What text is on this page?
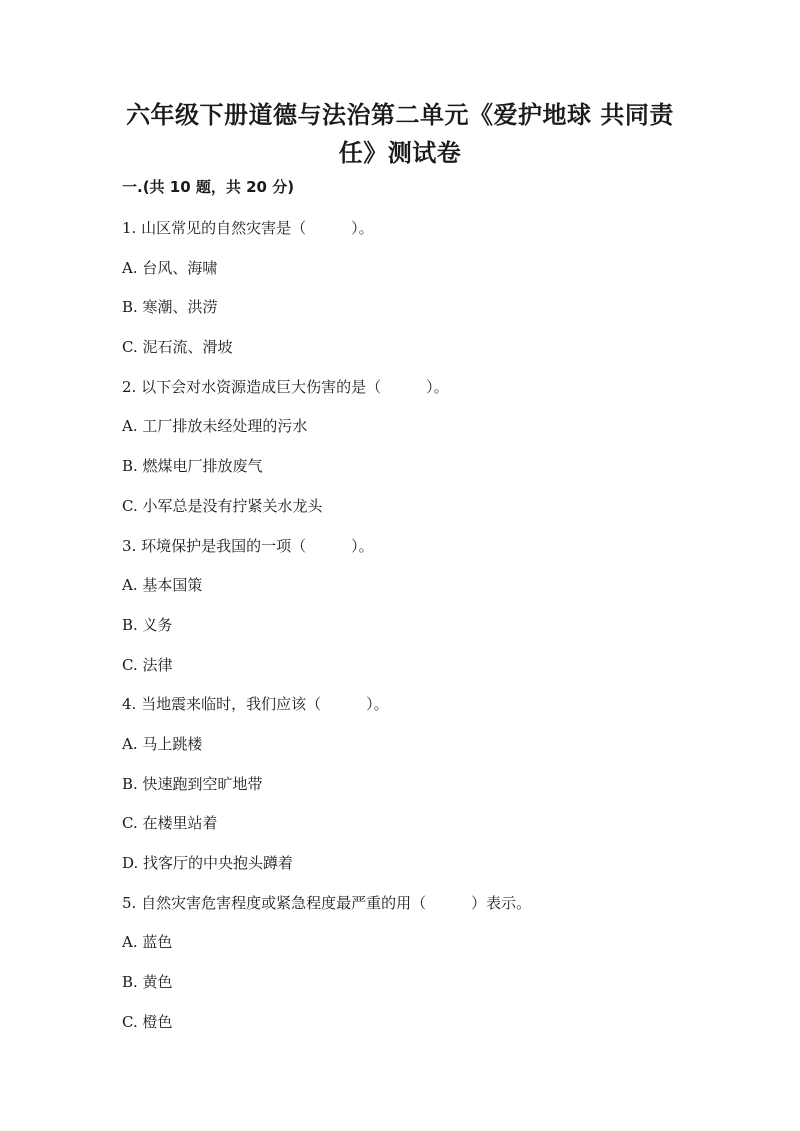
六年级下册道德与法治第二单元《爱护地球 共同责
任》测试卷
一.(共 10 题，共 20 分)
1. 山区常见的自然灾害是（　　　）。
A. 台风、海啸
B. 寒潮、洪涝
C. 泥石流、滑坡
2. 以下会对水资源造成巨大伤害的是（　　　）。
A. 工厂排放未经处理的污水
B. 燃煤电厂排放废气
C. 小军总是没有拧紧关水龙头
3. 环境保护是我国的一项（　　　）。
A. 基本国策
B. 义务
C. 法律
4. 当地震来临时，我们应该（　　　）。
A. 马上跳楼
B. 快速跑到空旷地带
C. 在楼里站着
D. 找客厅的中央抱头蹲着
5. 自然灾害危害程度或紧急程度最严重的用（　　　）表示。
A. 蓝色
B. 黄色
C. 橙色
